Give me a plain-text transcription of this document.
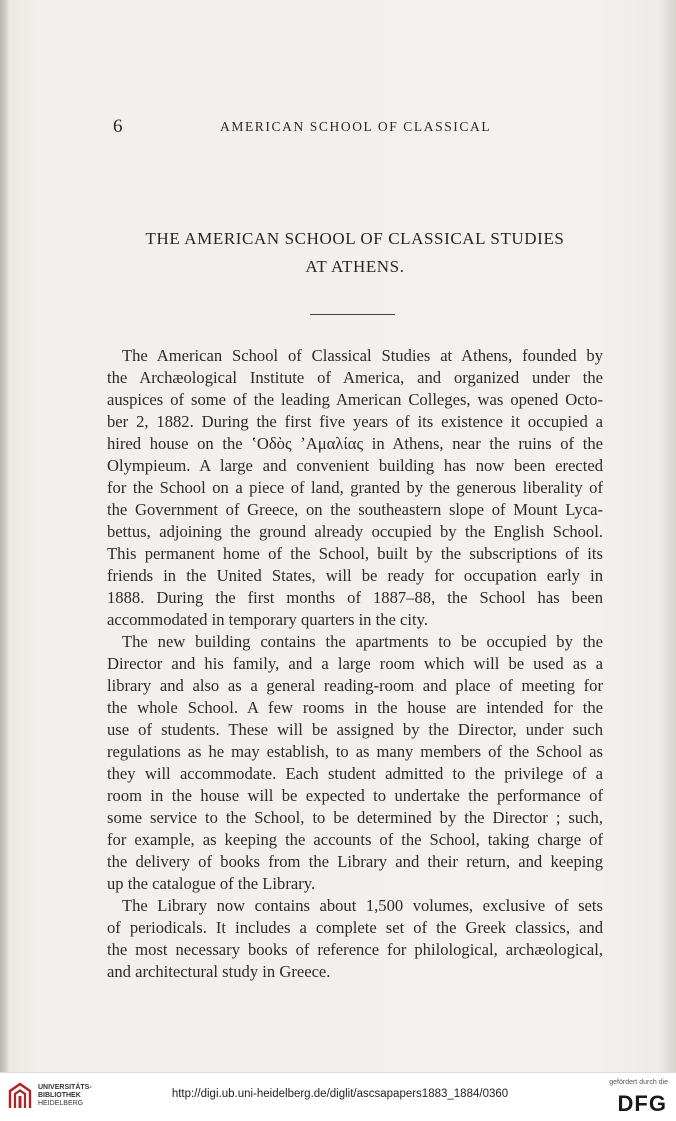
6	AMERICAN SCHOOL OF CLASSICAL
THE AMERICAN SCHOOL OF CLASSICAL STUDIES
AT ATHENS.
The American School of Classical Studies at Athens, founded by
the Archæological Institute of America, and organized under the
auspices of some of the leading American Colleges, was opened Octo-
ber 2, 1882. During the first five years of its existence it occupied a
hired house on the ʽΟδὸς ʼΑμαλίας in Athens, near the ruins of the
Olympieum. A large and convenient building has now been erected
for the School on a piece of land, granted by the generous liberality of
the Government of Greece, on the southeastern slope of Mount Lyca-
bettus, adjoining the ground already occupied by the English School.
This permanent home of the School, built by the subscriptions of its
friends in the United States, will be ready for occupation early in
1888. During the first months of 1887–88, the School has been
accommodated in temporary quarters in the city.
The new building contains the apartments to be occupied by the
Director and his family, and a large room which will be used as a
library and also as a general reading-room and place of meeting for
the whole School. A few rooms in the house are intended for the
use of students. These will be assigned by the Director, under such
regulations as he may establish, to as many members of the School as
they will accommodate. Each student admitted to the privilege of a
room in the house will be expected to undertake the performance of
some service to the School, to be determined by the Director ; such,
for example, as keeping the accounts of the School, taking charge of
the delivery of books from the Library and their return, and keeping
up the catalogue of the Library.
The Library now contains about 1,500 volumes, exclusive of sets
of periodicals. It includes a complete set of the Greek classics, and
the most necessary books of reference for philological, archæological,
and architectural study in Greece.
UNIVERSITÄTS-
BIBLIOTHEK
HEIDELBERG
http://digi.ub.uni-heidelberg.de/diglit/ascsapapers1883_1884/0360
gefördert durch die
DFG
